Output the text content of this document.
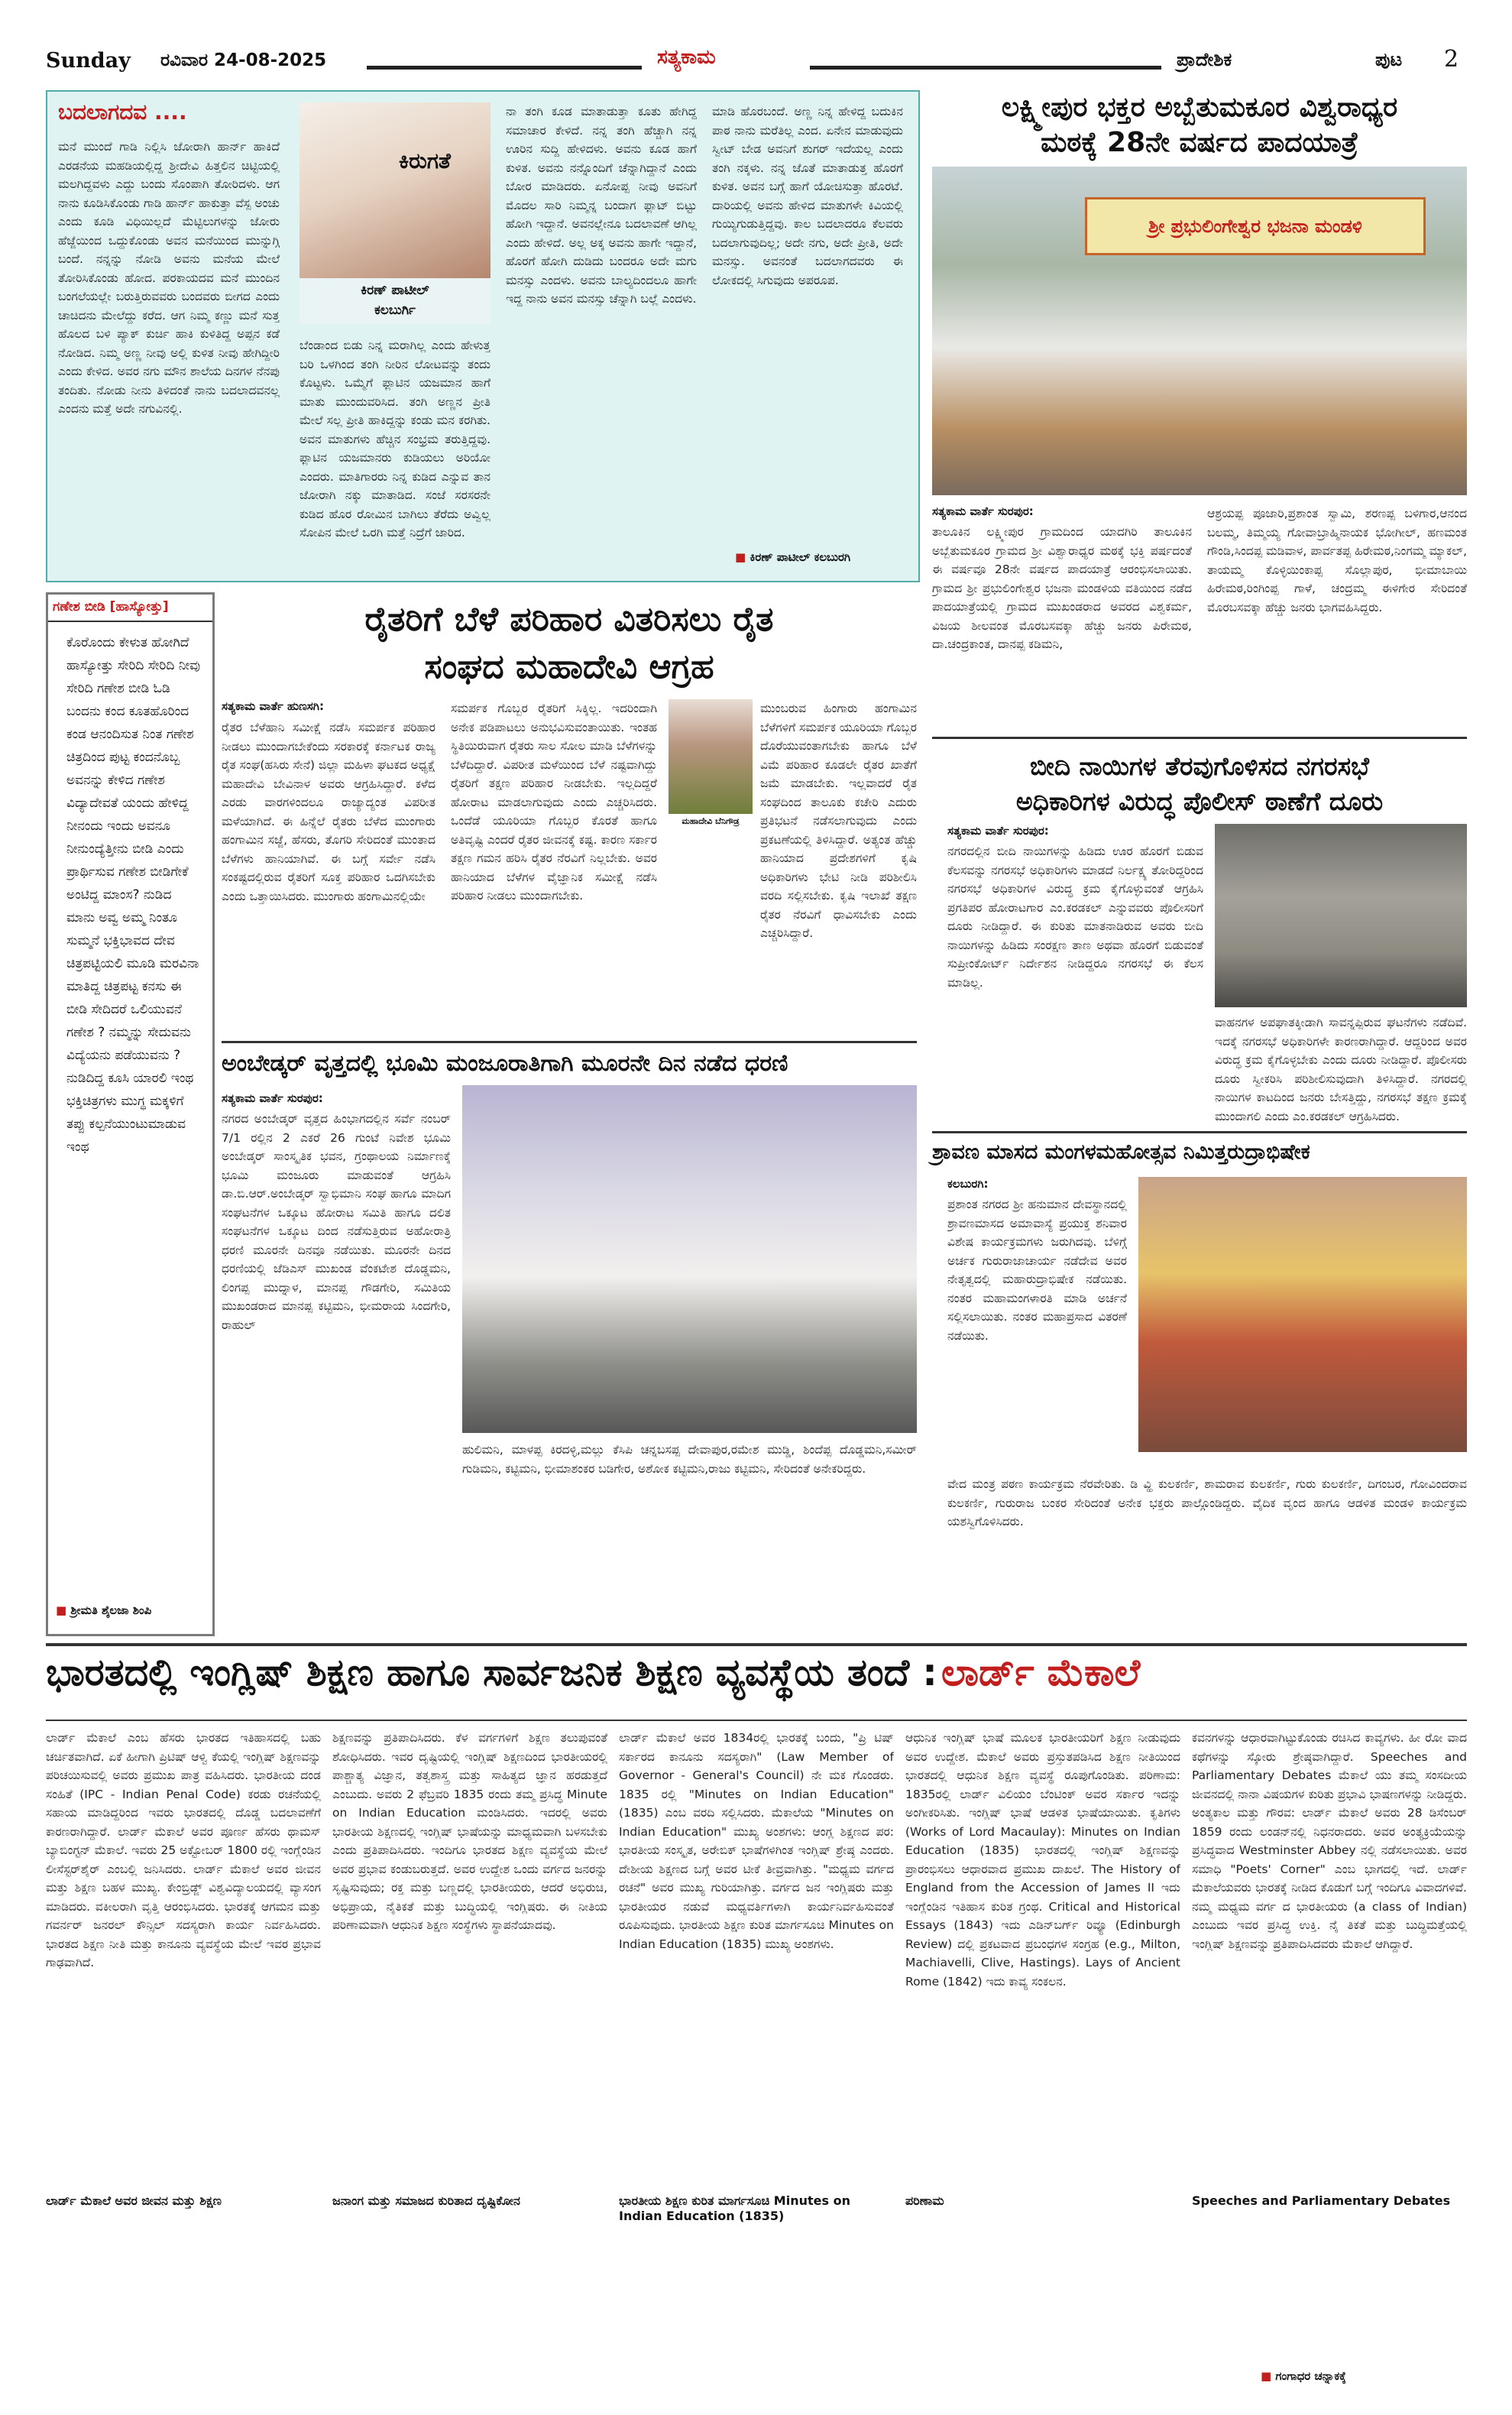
Sunday ರವಿವಾರ 24-08-2025	ಸತ್ಯಕಾಮ	ಪ್ರಾದೇಶಿಕ	ಪುಟ 2
ಬದಲಾಗದವ ....
ಮನೆ ಮುಂದೆ ಗಾಡಿ ನಿಲ್ಲಿಸಿ ಜೋರಾಗಿ ಹಾರ್ನ್ ಹಾಕಿದೆ ಎರಡನೆಯ ಮಹಡಿಯಲ್ಲಿದ್ದ ಶ್ರೀದೇವಿ ಹಿತ್ತಲಿನ ಚಿಟ್ಟಿಯಲ್ಲಿ ಮಲಗಿದ್ದವಳು ಎದ್ದು ಬಂದು ಸೊಂಪಾಗಿ ತೋರಿದಳು. ಆಗ ನಾನು ಕೂಡಿಸಿಕೊಂಡು ಗಾಡಿ ಹಾರ್ನ್ ಹಾಕುತ್ತಾ ವೆಸ್ಪ ಅಂಚು ಎಂದು ಕೂಡಿ ವಿಧಿಯಿಲ್ಲದೆ ಮೆಟ್ಟಿಲುಗಳನ್ನು ಜೋರು ಹೆಜ್ಜೆಯಿಂದ ಒದ್ದುಕೊಂಡು ಅವನ ಮನೆಯಿಂದ ಮುನ್ನುಗ್ಗಿ ಬಂದೆ. ನನ್ನನ್ನು ನೋಡಿ ಅವನು ಮನೆಯ ಮೇಲೆ ತೋರಿಸಿಕೊಂಡು ಹೋದ. ಪರಕಾಯದವ ಮನೆ ಮುಂದಿನ ಬಂಗಲೆಯಲ್ಲೇ ಬರುತ್ತಿರುವವರು ಬಂದವರು ಬೀಗದ ಎಂದು ಚಾಚಿದನು ಮೇಲೆದ್ದು ಕರೆದ. ಆಗ ನಿಮ್ಮ ಕಣ್ಣು ಮನೆ ಸುತ್ತ ಹೊಲದ ಬಳಿ ಪ್ಯಾಕ್ ಕುರ್ಚಿ ಹಾಕಿ ಕುಳಿತಿದ್ದ ಅಪ್ಪನ ಕಡೆ ನೋಡಿದ. ನಿಮ್ಮ ಅಣ್ಣ ನೀವು ಅಲ್ಲಿ ಕುಳಿತ ನೀವು ಹೇಗಿದ್ದೀರಿ ಎಂದು ಕೇಳಿದ. ಅವರ ನಗು ಮೌನ ಶಾಲೆಯ ದಿನಗಳ ನೆನಪು ತಂದಿತು. ನೋಡು ನೀನು ತಿಳಿದಂತೆ ನಾನು ಬದಲಾದವನಲ್ಲ ಎಂದನು ಮತ್ತೆ ಅದೇ ನಗುವಿನಲ್ಲಿ.
ಕಿರುಗತೆ
ಕಿರಣ್ ಪಾಟೀಲ್
ಕಲಬುರ್ಗಿ
ಬೆಂಡಾಂದ ಬಿಡು ನಿನ್ನ ಮರಾಗಿಲ್ಲ ಎಂದು ಹೇಳುತ್ತ ಬರಿ ಒಳಗಿಂದ ತಂಗಿ ನೀರಿನ ಲೋಟವನ್ನು ತಂದು ಕೊಟ್ಟಳು. ಒಮ್ಮೆಗೆ ಫ್ಲಾಟಿನ ಯಜಮಾನ ಹಾಗೆ ಮಾತು ಮುಂದುವರಿಸಿದ. ತಂಗಿ ಅಣ್ಣನ ಪ್ರೀತಿ ಮೇಲೆ ಸಲ್ಲ ಪ್ರೀತಿ ಹಾಕಿದ್ದನ್ನು ಕಂಡು ಮನ ಕರಗಿತು. ಅವನ ಮಾತುಗಳು ಹೆಚ್ಚಿನ ಸಂಭ್ರಮ ತರುತ್ತಿದ್ದವು. ಫ್ಲಾಟಿನ ಯಜಮಾನರು ಕುಡಿಯಲು ಅರಿಯೋ ಎಂದರು. ಮಾತಿಗಾರರು ನಿನ್ನ ಕುಡಿದ ಎನ್ನುವ ತಾನ ಜೋರಾಗಿ ನಕ್ಕು ಮಾತಾಡಿದ. ಸಂಜೆ ಸರಸರನೇ ಕುಡಿದ ಹೊರ ರೋಮಿನ ಬಾಗಿಲು ತೆರೆದು ಅವ್ವಿಲ್ಲ ಸೋಪಿನ ಮೇಲೆ ಒರಗಿ ಮತ್ತೆ ನಿದ್ರೆಗೆ ಜಾರಿದ.
ನಾ ತಂಗಿ ಕೂಡ ಮಾತಾಡುತ್ತಾ ಕೂತು ಹೇಗಿದ್ದ ಸಮಾಚಾರ ಕೇಳಿದೆ. ನನ್ನ ತಂಗಿ ಹೆಚ್ಚಾಗಿ ನನ್ನ ಊರಿನ ಸುದ್ದಿ ಹೇಳಿದಳು. ಅವನು ಕೂಡ ಹಾಗೆ ಕುಳಿತ. ಅವನು ನನ್ನೊಂದಿಗೆ ಚೆನ್ನಾಗಿದ್ದಾನೆ ಎಂದು ಬೋರ ಮಾಡಿದರು. ಏನೋಪ್ಪ ನೀವು ಅವನಿಗೆ ಮೊದಲ ಸಾರಿ ನಿಮ್ಮನ್ನ ಬಂದಾಗ ಫ್ಲಾಟ್ ಬಿಟ್ಟು ಹೋಗಿ ಇದ್ದಾನೆ. ಅವನಲ್ಲೇನೂ ಬದಲಾವಣೆ ಆಗಿಲ್ಲ ಎಂದು ಹೇಳಿದೆ. ಅಲ್ಲ ಅಕ್ಕ ಅವನು ಹಾಗೇ ಇದ್ದಾನೆ, ಹೊರಗೆ ಹೋಗಿ ದುಡಿದು ಬಂದರೂ ಅದೇ ಮಗು ಮನಸ್ಸು ಎಂದಳು. ಅವನು ಬಾಲ್ಯದಿಂದಲೂ ಹಾಗೇ ಇದ್ದ ನಾನು ಅವನ ಮನಸ್ಸು ಚೆನ್ನಾಗಿ ಬಲ್ಲೆ ಎಂದಳು.
ಮಾಡಿ ಹೊರಬಂದೆ. ಅಣ್ಣ ನಿನ್ನ ಹೇಳಿದ್ದ ಬದುಕಿನ ಪಾಠ ನಾನು ಮರೆತಿಲ್ಲ ಎಂದ. ಏನೇನ ಮಾಡುವುದು ಸ್ವೀಟ್ ಬೇಡ ಅವನಿಗೆ ಶುಗರ್ ಇದೆಯಲ್ಲ ಎಂದು ತಂಗಿ ನಕ್ಕಳು. ನನ್ನ ಜೊತೆ ಮಾತಾಡುತ್ತ ಹೊರಗೆ ಕುಳಿತ. ಅವನ ಬಗ್ಗೆ ಹಾಗೆ ಯೋಚಿಸುತ್ತಾ ಹೊರಟೆ. ದಾರಿಯಲ್ಲಿ ಅವನು ಹೇಳಿದ ಮಾತುಗಳೇ ಕಿವಿಯಲ್ಲಿ ಗುಯ್ಯಿಗುಡುತ್ತಿದ್ದವು. ಕಾಲ ಬದಲಾದರೂ ಕೆಲವರು ಬದಲಾಗುವುದಿಲ್ಲ; ಅದೇ ನಗು, ಅದೇ ಪ್ರೀತಿ, ಅದೇ ಮನಸ್ಸು. ಅವನಂತೆ ಬದಲಾಗದವರು ಈ ಲೋಕದಲ್ಲಿ ಸಿಗುವುದು ಅಪರೂಪ.
■ ಕಿರಣ್ ಪಾಟೀಲ್ ಕಲಬುರಗಿ
ಲಕ್ಷ್ಮೀಪುರ ಭಕ್ತರ ಅಬ್ಬೆತುಮಕೂರ ವಿಶ್ವರಾಧ್ಯರ
ಮಠಕ್ಕೆ 28ನೇ ವರ್ಷದ ಪಾದಯಾತ್ರೆ
ಶ್ರೀ ಪ್ರಭುಲಿಂಗೇಶ್ವರ ಭಜನಾ ಮಂಡಳಿ
ಸತ್ಯಕಾಮ ವಾರ್ತೆ ಸುರಪುರ:
ತಾಲೂಕಿನ ಲಕ್ಷ್ಮೀಪುರ ಗ್ರಾಮದಿಂದ ಯಾದಗಿರಿ ತಾಲೂಕಿನ ಅಬ್ಬೆತುಮಕೂರ ಗ್ರಾಮದ ಶ್ರೀ ವಿಶ್ವಾರಾಧ್ಯರ ಮಠಕ್ಕೆ ಭಕ್ತಿ ಪರ್ಷದಂತೆ ಈ ವರ್ಷವೂ 28ನೇ ವರ್ಷದ ಪಾದಯಾತ್ರೆ ಆರಂಭಿಸಲಾಯಿತು. ಗ್ರಾಮದ ಶ್ರೀ ಪ್ರಭುಲಿಂಗೇಶ್ವರ ಭಜನಾ ಮಂಡಳಿಯ ವತಿಯಿಂದ ನಡೆದ ಪಾದಯಾತ್ರೆಯಲ್ಲಿ ಗ್ರಾಮದ ಮುಖಂಡರಾದ ಅವರದ ವಿಶ್ವಕರ್ಮ, ವಿಜಯ ಶೀಲವಂತ ಮೊರಬಸವಕ್ಕಾ ಹೆಚ್ಚು ಜನರು ಪಿರೇಮಠ, ದಾ.ಚಂದ್ರಕಾಂತ, ದಾನಪ್ಪ ಕಡಿಮನಿ,
ಆಶ್ರಯಪ್ಪ ಪೂಜಾರಿ,ಪ್ರಶಾಂತ ಸ್ವಾಮಿ, ಶರಣಪ್ಪ ಬಳಿಗಾರ,ಆನಂದ ಬಲಮ್ಮ, ತಿಮ್ಮಯ್ಯ ಗೋವಾಬ್ರಾಹ್ಮಿನಾಯಕ ಭೋಗೀಲ್, ಹಣಮಂತ ಗೌಂಡಿ,ಸಿಂದಪ್ಪ ಮಡಿವಾಳ, ಪಾರ್ವತಪ್ಪ ಹಿರೇಮಠ,ನಿಂಗಮ್ಮ ಮ್ಯಾಕಲ್, ತಾಯಮ್ಮ ಕೊಳ್ಳಿಯಿಂಕಾಪ್ಪ ಸೊಲ್ಲಾಪುರ, ಭೀಮಾಬಾಯಿ ಹಿರೇಮಠ,ರಿಂಗಿಂಪ್ಪ ಗಾಳೆ, ಚಂದ್ರಮ್ಮ ಈಳಿಗೇರ ಸೇರಿದಂತೆ ಮೊರಬಸವಕ್ಕಾ ಹೆಚ್ಚು ಜನರು ಭಾಗವಹಿಸಿದ್ದರು.
ಗಣೇಶ ಬೀಡಿ [ಹಾಸ್ಯೋತ್ತು]
ಕೊರೊಂದು ಕೇಳುತ ಹೋಗಿದೆ ಹಾಸ್ಯೋತ್ತು ಸೇರಿದಿ ಸೇರಿದಿ ನೀವು ಸೇರಿದಿ ಗಣೇಶ ಬೀಡಿ ಓಡಿ ಬಂದನು ಕಂದ ಕೂತಹೊರಿಂದ ಕಂಡ ಆನಂದಿಸುತ ನಿಂತ ಗಣೇಶ ಚಿತ್ರದಿಂದ ಪುಟ್ಟ ಕಂದನೊಬ್ಬ ಅವನನ್ನು ಕೇಳಿದ ಗಣೇಶ ವಿದ್ಯಾದೇವತೆ ಯಂದು ಹೇಳಿದ್ದ ನೀನಂದು ಇಂದು ಅವನೂ ನೀನುಂದ್ಯೆತ್ತೀನು ಬೀಡಿ ಎಂದು ಪ್ರಾರ್ಥಿಸುವ ಗಣೇಶ ಬೀಡಿಗೇಕೆ ಅಂಟಿದ್ದ ಮಾಂಸ? ನುಡಿದ ಮಾನು ಅವ್ವ ಅಮ್ಮ ನಿಂತೂ ಸುಮ್ಮನೆ ಭಕ್ತಿಭಾವದ ದೇವ ಚಿತ್ರಪಟ್ಟಿಯಲಿ ಮೂಡಿ ಮರವಿನಾ ಮಾತಿದ್ದ ಚಿತ್ರಪಟ್ಟ ಕನಸು ಈ ಬೀಡಿ ಸೇದಿದರೆ ಒಲಿಯುವನೆ ಗಣೇಶ ? ನಮ್ಮನ್ನು ಸೇದುವನು ವಿದ್ಯೆಯನು ಪಡೆಯುವನು ? ನುಡಿದಿದ್ದ ಕೂಸಿ ಯಾರಲಿ ಇಂಥ ಭಕ್ತಿಚಿತ್ರಗಳು ಮುಗ್ಧ ಮಕ್ಕಳಿಗೆ ತಪ್ಪು ಕಲ್ಪನೆಯುಂಟುಮಾಡುವ ಇಂಥ
■ ಶ್ರೀಮತಿ ಶೈಲಜಾ ಶಿಂಪಿ
ರೈತರಿಗೆ ಬೆಳೆ ಪರಿಹಾರ ವಿತರಿಸಲು ರೈತ
ಸಂಘದ ಮಹಾದೇವಿ ಆಗ್ರಹ
ಸತ್ಯಕಾಮ ವಾರ್ತೆ ಹುಣಸಗಿ:
ರೈತರ ಬೆಳೆಹಾನಿ ಸಮೀಕ್ಷೆ ನಡೆಸಿ ಸಮರ್ಪಕ ಪರಿಹಾರ ನೀಡಲು ಮುಂದಾಗಬೇಕೆಂದು ಸರಕಾರಕ್ಕೆ ಕರ್ನಾಟಕ ರಾಜ್ಯ ರೈತ ಸಂಘ(ಹಸಿರು ಸೇನೆ) ಜಿಲ್ಲಾ ಮಹಿಳಾ ಘಟಕದ ಅಧ್ಯಕ್ಷೆ ಮಹಾದೇವಿ ಬೇವಿನಾಳ ಅವರು ಆಗ್ರಹಿಸಿದ್ದಾರೆ. ಕಳೆದ ಎರಡು ವಾರಗಳಿಂದಲೂ ರಾಜ್ಯಾದ್ಯಂತ ವಿಪರೀತ ಮಳೆಯಾಗಿದೆ. ಈ ಹಿನ್ನೆಲೆ ರೈತರು ಬೆಳೆದ ಮುಂಗಾರು ಹಂಗಾಮಿನ ಸಜ್ಜೆ, ಹೆಸರು, ತೊಗರಿ ಸೇರಿದಂತೆ ಮುಂತಾದ ಬೆಳೆಗಳು ಹಾನಿಯಾಗಿವೆ. ಈ ಬಗ್ಗೆ ಸರ್ವೇ ನಡೆಸಿ ಸಂಕಷ್ಟದಲ್ಲಿರುವ ರೈತರಿಗೆ ಸೂಕ್ತ ಪರಿಹಾರ ಒದಗಿಸಬೇಕು ಎಂದು ಒತ್ತಾಯಿಸಿದರು. ಮುಂಗಾರು ಹಂಗಾಮಿನಲ್ಲಿಯೇ
ಸಮರ್ಪಕ ಗೊಬ್ಬರ ರೈತರಿಗೆ ಸಿಕ್ಕಿಲ್ಲ. ಇದರಿಂದಾಗಿ ಅನೇಕ ಪಡಿಪಾಟಲು ಅನುಭವಿಸುವಂತಾಯಿತು. ಇಂತಹ ಸ್ಥಿತಿಯಿರುವಾಗ ರೈತರು ಸಾಲ ಸೋಲ ಮಾಡಿ ಬೆಳೆಗಳನ್ನು ಬೆಳೆದಿದ್ದಾರೆ. ವಿಪರೀತ ಮಳೆಯಿಂದ ಬೆಳೆ ನಷ್ಟವಾಗಿದ್ದು ರೈತರಿಗೆ ತಕ್ಷಣ ಪರಿಹಾರ ನೀಡಬೇಕು. ಇಲ್ಲದಿದ್ದರೆ ಹೋರಾಟ ಮಾಡಲಾಗುವುದು ಎಂದು ಎಚ್ಚರಿಸಿದರು. ಒಂದೆಡೆ ಯೂರಿಯಾ ಗೊಬ್ಬರ ಕೊರತೆ ಹಾಗೂ ಅತಿವೃಷ್ಟಿ ಎಂದರೆ ರೈತರ ಜೀವನಕ್ಕೆ ಕಷ್ಟ. ಕಾರಣ ಸರ್ಕಾರ ತಕ್ಷಣ ಗಮನ ಹರಿಸಿ ರೈತರ ನೆರವಿಗೆ ನಿಲ್ಲಬೇಕು. ಅವರ ಹಾನಿಯಾದ ಬೆಳೆಗಳ ವೈಜ್ಞಾನಿಕ ಸಮೀಕ್ಷೆ ನಡೆಸಿ ಪರಿಹಾರ ನೀಡಲು ಮುಂದಾಗಬೇಕು.
ಮಹಾದೇವಿ ಬೆನಿಗೌಡ್ರ
ಮುಂಬರುವ ಹಿಂಗಾರು ಹಂಗಾಮಿನ ಬೆಳೆಗಳಿಗೆ ಸಮರ್ಪಕ ಯೂರಿಯಾ ಗೊಬ್ಬರ ದೊರೆಯುವಂತಾಗಬೇಕು ಹಾಗೂ ಬೆಳೆ ವಿಮೆ ಪರಿಹಾರ ಕೂಡಲೇ ರೈತರ ಖಾತೆಗೆ ಜಮೆ ಮಾಡಬೇಕು. ಇಲ್ಲವಾದರೆ ರೈತ ಸಂಘದಿಂದ ತಾಲೂಕು ಕಚೇರಿ ಎದುರು ಪ್ರತಿಭಟನೆ ನಡೆಸಲಾಗುವುದು ಎಂದು ಪ್ರಕಟಣೆಯಲ್ಲಿ ತಿಳಿಸಿದ್ದಾರೆ. ಅತ್ಯಂತ ಹೆಚ್ಚು ಹಾನಿಯಾದ ಪ್ರದೇಶಗಳಿಗೆ ಕೃಷಿ ಅಧಿಕಾರಿಗಳು ಭೇಟಿ ನೀಡಿ ಪರಿಶೀಲಿಸಿ ವರದಿ ಸಲ್ಲಿಸಬೇಕು. ಕೃಷಿ ಇಲಾಖೆ ತಕ್ಷಣ ರೈತರ ನೆರವಿಗೆ ಧಾವಿಸಬೇಕು ಎಂದು ಎಚ್ಚರಿಸಿದ್ದಾರೆ.
ಅಂಬೇಡ್ಕರ್ ವೃತ್ತದಲ್ಲಿ ಭೂಮಿ ಮಂಜೂರಾತಿಗಾಗಿ ಮೂರನೇ ದಿನ ನಡೆದ ಧರಣಿ
ಸತ್ಯಕಾಮ ವಾರ್ತೆ ಸುರಪುರ:
ನಗರದ ಅಂಬೇಡ್ಕರ್ ವೃತ್ತದ ಹಿಂಭಾಗದಲ್ಲಿನ ಸರ್ವೆ ನಂಬರ್ 7/1 ರಲ್ಲಿನ 2 ಎಕರೆ 26 ಗುಂಟೆ ನಿವೇಶ ಭೂಮಿ ಅಂಬೇಡ್ಕರ್ ಸಾಂಸ್ಕೃತಿಕ ಭವನ, ಗ್ರಂಥಾಲಯ ನಿರ್ಮಾಣಕ್ಕೆ ಭೂಮಿ ಮಂಜೂರು ಮಾಡುವಂತೆ ಆಗ್ರಹಿಸಿ ಡಾ.ಬಿ.ಆರ್.ಅಂಬೇಡ್ಕರ್ ಸ್ವಾಭಿಮಾನಿ ಸಂಘ ಹಾಗೂ ಮಾದಿಗ ಸಂಘಟನೆಗಳ ಒಕ್ಕೂಟ ಹೋರಾಟ ಸಮಿತಿ ಹಾಗೂ ದಲಿತ ಸಂಘಟನೆಗಳ ಒಕ್ಕೂಟ ದಿಂದ ನಡೆಸುತ್ತಿರುವ ಅಹೋರಾತ್ರಿ ಧರಣಿ ಮೂರನೇ ದಿನವೂ ನಡೆಯಿತು. ಮೂರನೇ ದಿನದ ಧರಣಿಯಲ್ಲಿ ಜೆಡಿಎಸ್ ಮುಖಂಡ ವೆಂಕಟೇಶ ದೊಡ್ಡಮನಿ, ಲಿಂಗಪ್ಪ ಮುದ್ನಾಳ, ಮಾನಪ್ಪ ಗೌಡಗೇರಿ, ಸಮಿತಿಯ ಮುಖಂಡರಾದ ಮಾನಪ್ಪ ಕಟ್ಟಿಮನಿ, ಭೀಮರಾಯ ಸಿಂದಗೇರಿ, ರಾಹುಲ್
ಹುಲಿಮನಿ, ಮಾಳಪ್ಪ ಕಿರದಳ್ಳಿ,ಮಲ್ಲು ಕೆಸಿಪಿ ಚನ್ನಬಸಪ್ಪ ದೇವಾಪುರ,ರಮೇಶ ಮುಡ್ಡಿ, ಶಿಂದೆಪ್ಪ ದೊಡ್ಡಮನಿ,ಸಮೀರ್ ಗುಡಿಮನಿ, ಕಟ್ಟಿಮನಿ, ಭೀಮಾಶಂಕರ ಬಡಿಗೇರ, ಅಶೋಕ ಕಟ್ಟಿಮನಿ,ರಾಜು ಕಟ್ಟಿಮನಿ, ಸೇರಿದಂತೆ ಅನೇಕರಿದ್ದರು.
ಬೀದಿ ನಾಯಿಗಳ ತೆರವುಗೊಳಿಸದ ನಗರಸಭೆ
ಅಧಿಕಾರಿಗಳ ವಿರುದ್ಧ ಪೊಲೀಸ್ ಠಾಣೆಗೆ ದೂರು
ಸತ್ಯಕಾಮ ವಾರ್ತೆ ಸುರಪುರ:
ನಗರದಲ್ಲಿನ ಬೀದಿ ನಾಯಿಗಳನ್ನು ಹಿಡಿದು ಊರ ಹೊರಗೆ ಬಿಡುವ ಕೆಲಸವನ್ನು ನಗರಸಭೆ ಅಧಿಕಾರಿಗಳು ಮಾಡದೆ ನಿರ್ಲಕ್ಷ್ಯ ತೋರಿದ್ದರಿಂದ ನಗರಸಭೆ ಅಧಿಕಾರಿಗಳ ವಿರುದ್ಧ ಕ್ರಮ ಕೈಗೊಳ್ಳುವಂತೆ ಆಗ್ರಹಿಸಿ ಪ್ರಗತಿಪರ ಹೋರಾಟಗಾರ ಎಂ.ಕರಡಕಲ್ ಎನ್ನುವವರು ಪೊಲೀಸರಿಗೆ ದೂರು ನೀಡಿದ್ದಾರೆ. ಈ ಕುರಿತು ಮಾತನಾಡಿರುವ ಅವರು ಬೀದಿ ನಾಯಿಗಳನ್ನು ಹಿಡಿದು ಸಂರಕ್ಷಣ ತಾಣ ಅಥವಾ ಹೊರಗೆ ಬಿಡುವಂತೆ ಸುಪ್ರೀಂಕೋರ್ಟ್ ನಿರ್ದೇಶನ ನೀಡಿದ್ದರೂ ನಗರಸಭೆ ಈ ಕೆಲಸ ಮಾಡಿಲ್ಲ.
ವಾಹನಗಳ ಅಪಘಾತಕ್ಕೀಡಾಗಿ ಸಾವನ್ನಪ್ಪಿರುವ ಘಟನೆಗಳು ನಡೆದಿವೆ. ಇದಕ್ಕೆ ನಗರಸಭೆ ಅಧಿಕಾರಿಗಳೇ ಕಾರಣರಾಗಿದ್ದಾರೆ. ಆದ್ದರಿಂದ ಅವರ ವಿರುದ್ಧ ಕ್ರಮ ಕೈಗೊಳ್ಳಬೇಕು ಎಂದು ದೂರು ನೀಡಿದ್ದಾರೆ. ಪೊಲೀಸರು ದೂರು ಸ್ವೀಕರಿಸಿ ಪರಿಶೀಲಿಸುವುದಾಗಿ ತಿಳಿಸಿದ್ದಾರೆ. ನಗರದಲ್ಲಿ ನಾಯಿಗಳ ಕಾಟದಿಂದ ಜನರು ಬೇಸತ್ತಿದ್ದು, ನಗರಸಭೆ ತಕ್ಷಣ ಕ್ರಮಕ್ಕೆ ಮುಂದಾಗಲಿ ಎಂದು ಎಂ.ಕರಡಕಲ್ ಆಗ್ರಹಿಸಿದರು.
ಶ್ರಾವಣ ಮಾಸದ ಮಂಗಳಮಹೋತ್ಸವ ನಿಮಿತ್ತರುದ್ರಾಭಿಷೇಕ
ಕಲಬುರಗಿ:
ಪ್ರಶಾಂತ ನಗರದ ಶ್ರೀ ಹನುಮಾನ ದೇವಸ್ಥಾನದಲ್ಲಿ ಶ್ರಾವಣಮಾಸದ ಅಮಾವಾಸ್ಯೆ ಪ್ರಯುಕ್ತ ಶನಿವಾರ ವಿಶೇಷ ಕಾರ್ಯಕ್ರಮಗಳು ಜರುಗಿದವು. ಬೆಳಿಗ್ಗೆ ಅರ್ಚಕ ಗುರುರಾಜಾಚಾರ್ಯ ನಡೆದೇವ ಅವರ ನೇತೃತ್ವದಲ್ಲಿ ಮಹಾರುದ್ರಾಭಿಷೇಕ ನಡೆಯಿತು. ನಂತರ ಮಹಾಮಂಗಳಾರತಿ ಮಾಡಿ ಅರ್ಚನೆ ಸಲ್ಲಿಸಲಾಯಿತು. ನಂತರ ಮಹಾಪ್ರಸಾದ ವಿತರಣೆ ನಡೆಯಿತು.
ವೇದ ಮಂತ್ರ ಪಠಣ ಕಾರ್ಯಕ್ರಮ ನೆರವೇರಿತು. ಡಿ ವ್ಹಿ ಕುಲಕರ್ಣಿ, ಶಾಮರಾವ ಕುಲಕರ್ಣಿ, ಗುರು ಕುಲಕರ್ಣಿ, ದಿಗಂಬರ, ಗೋವಿಂದರಾವ ಕುಲಕರ್ಣಿ, ಗುರುರಾಜ ಬಂಕರ ಸೇರಿದಂತೆ ಅನೇಕ ಭಕ್ತರು ಪಾಲ್ಗೊಂಡಿದ್ದರು. ವೈದಿಕ ವೃಂದ ಹಾಗೂ ಆಡಳಿತ ಮಂಡಳಿ ಕಾರ್ಯಕ್ರಮ ಯಶಸ್ವಿಗೊಳಿಸಿದರು.
ಭಾರತದಲ್ಲಿ ಇಂಗ್ಲಿಷ್ ಶಿಕ್ಷಣ ಹಾಗೂ ಸಾರ್ವಜನಿಕ ಶಿಕ್ಷಣ ವ್ಯವಸ್ಥೆಯ ತಂದೆ : ಲಾರ್ಡ್ ಮೆಕಾಲೆ
ಲಾರ್ಡ್ ಮೆಕಾಲೆ ಎಂಬ ಹೆಸರು ಭಾರತದ ಇತಿಹಾಸದಲ್ಲಿ ಬಹು ಚರ್ಚಿತವಾಗಿದೆ. ಏಕೆ ಹೀಗಾಗಿ ಪ್ರಿಟಿಷ್ ಆಳ್ವಿ ಕೆಯಲ್ಲಿ ಇಂಗ್ಲಿಷ್ ಶಿಕ್ಷಣವನ್ನು ಪರಿಚಯಿಸುವಲ್ಲಿ ಅವರು ಪ್ರಮುಖ ಪಾತ್ರ ವಹಿಸಿದರು. ಭಾರತೀಯ ದಂಡ ಸಂಹಿತೆ (IPC - Indian Penal Code) ಕರಡು ರಚನೆಯಲ್ಲಿ ಸಹಾಯ ಮಾಡಿದ್ದರಿಂದ ಇವರು ಭಾರತದಲ್ಲಿ ದೊಡ್ಡ ಬದಲಾವಣೆಗೆ ಕಾರಣರಾಗಿದ್ದಾರೆ. ಲಾರ್ಡ್ ಮೆಕಾಲೆ ಅವರ ಪೂರ್ಣ ಹೆಸರು ಥಾಮಸ್ ಬ್ಯಾಬಿಂಗ್ಟನ್ ಮೆಕಾಲೆ. ಇವರು 25 ಅಕ್ಟೋಬರ್ 1800 ರಲ್ಲಿ ಇಂಗ್ಲೆಂಡಿನ ಲೀಸೆಸ್ಟರ್‌ಶೈರ್ ಎಂಬಲ್ಲಿ ಜನಿಸಿದರು. ಲಾರ್ಡ್ ಮೆಕಾಲೆ ಅವರ ಜೀವನ ಮತ್ತು ಶಿಕ್ಷಣ ಬಹಳ ಮುಖ್ಯ. ಕೇಂಬ್ರಿಡ್ಜ್ ವಿಶ್ವವಿದ್ಯಾಲಯದಲ್ಲಿ ವ್ಯಾಸಂಗ ಮಾಡಿದರು. ವಕೀಲರಾಗಿ ವೃತ್ತಿ ಆರಂಭಿಸಿದರು. ಭಾರತಕ್ಕೆ ಆಗಮನ ಮತ್ತು ಗವರ್ನರ್ ಜನರಲ್ ಕೌನ್ಸಿಲ್ ಸದಸ್ಯರಾಗಿ ಕಾರ್ಯ ನಿರ್ವಹಿಸಿದರು. ಭಾರತದ ಶಿಕ್ಷಣ ನೀತಿ ಮತ್ತು ಕಾನೂನು ವ್ಯವಸ್ಥೆಯ ಮೇಲೆ ಇವರ ಪ್ರಭಾವ ಗಾಢವಾಗಿದೆ.
ಲಾರ್ಡ್ ಮೆಕಾಲೆ ಅವರ ಜೀವನ ಮತ್ತು ಶಿಕ್ಷಣ
ಶಿಕ್ಷಣವನ್ನು ಪ್ರತಿಪಾದಿಸಿದರು. ಕೆಳ ವರ್ಗಗಳಿಗೆ ಶಿಕ್ಷಣ ತಲುಪುವಂತೆ ಶೋಧಿಸಿದರು. ಇವರ ದೃಷ್ಟಿಯಲ್ಲಿ ಇಂಗ್ಲಿಷ್ ಶಿಕ್ಷಣದಿಂದ ಭಾರತೀಯರಲ್ಲಿ ಪಾಶ್ಚಾತ್ಯ ವಿಜ್ಞಾನ, ತತ್ವಶಾಸ್ತ್ರ ಮತ್ತು ಸಾಹಿತ್ಯದ ಜ್ಞಾನ ಹರಡುತ್ತದೆ ಎಂಬುದು. ಅವರು 2 ಫೆಬ್ರವರಿ 1835 ರಂದು ತಮ್ಮ ಪ್ರಸಿದ್ಧ Minute on Indian Education ಮಂಡಿಸಿದರು. ಇದರಲ್ಲಿ ಅವರು ಭಾರತೀಯ ಶಿಕ್ಷಣದಲ್ಲಿ ಇಂಗ್ಲಿಷ್ ಭಾಷೆಯನ್ನು ಮಾಧ್ಯಮವಾಗಿ ಬಳಸಬೇಕು ಎಂದು ಪ್ರತಿಪಾದಿಸಿದರು. ಇಂದಿಗೂ ಭಾರತದ ಶಿಕ್ಷಣ ವ್ಯವಸ್ಥೆಯ ಮೇಲೆ ಅವರ ಪ್ರಭಾವ ಕಂಡುಬರುತ್ತದೆ. ಅವರ ಉದ್ದೇಶ ಒಂದು ವರ್ಗದ ಜನರನ್ನು ಸೃಷ್ಟಿಸುವುದು; ರಕ್ತ ಮತ್ತು ಬಣ್ಣದಲ್ಲಿ ಭಾರತೀಯರು, ಆದರೆ ಅಭಿರುಚಿ, ಅಭಿಪ್ರಾಯ, ನೈತಿಕತೆ ಮತ್ತು ಬುದ್ಧಿಯಲ್ಲಿ ಇಂಗ್ಲಿಷರು. ಈ ನೀತಿಯ ಪರಿಣಾಮವಾಗಿ ಆಧುನಿಕ ಶಿಕ್ಷಣ ಸಂಸ್ಥೆಗಳು ಸ್ಥಾಪನೆಯಾದವು.
ಜನಾಂಗ ಮತ್ತು ಸಮಾಜದ ಕುರಿತಾದ ದೃಷ್ಟಿಕೋನ
ಲಾರ್ಡ್ ಮೆಕಾಲೆ ಅವರ 1834ರಲ್ಲಿ ಭಾರತಕ್ಕೆ ಬಂದು, "ಪ್ರಿ ಟಿಷ್ ಸರ್ಕಾರದ ಕಾನೂನು ಸದಸ್ಯರಾಗಿ" (Law Member of Governor - General's Council) ನೇ ಮಕ ಗೊಂಡರು. 1835 ರಲ್ಲಿ "Minutes on Indian Education" (1835) ಎಂಬ ವರದಿ ಸಲ್ಲಿಸಿದರು. ಮೆಕಾಲೆಯ "Minutes on Indian Education" ಮುಖ್ಯ ಅಂಶಗಳು: ಆಂಗ್ಲ ಶಿಕ್ಷಣದ ಪರ: ಭಾರತೀಯ ಸಂಸ್ಕೃತ, ಅರೇಬಿಕ್ ಭಾಷೆಗಳಿಗಿಂತ ಇಂಗ್ಲಿಷ್ ಶ್ರೇಷ್ಠ ಎಂದರು. ದೇಶೀಯ ಶಿಕ್ಷಣದ ಬಗ್ಗೆ ಅವರ ಟೀಕೆ ತೀವ್ರವಾಗಿತ್ತು. "ಮಧ್ಯಮ ವರ್ಗದ ರಚನೆ" ಅವರ ಮುಖ್ಯ ಗುರಿಯಾಗಿತ್ತು. ವರ್ಗದ ಜನ ಇಂಗ್ಲಿಷರು ಮತ್ತು ಭಾರತೀಯರ ನಡುವೆ ಮಧ್ಯವರ್ತಿಗಳಾಗಿ ಕಾರ್ಯನಿರ್ವಹಿಸುವಂತೆ ರೂಪಿಸುವುದು. ಭಾರತೀಯ ಶಿಕ್ಷಣ ಕುರಿತ ಮಾರ್ಗಸೂಚಿ Minutes on Indian Education (1835) ಮುಖ್ಯ ಅಂಶಗಳು.
ಭಾರತೀಯ ಶಿಕ್ಷಣ ಕುರಿತ ಮಾರ್ಗಸೂಚಿ Minutes on Indian Education (1835)
ಆಧುನಿಕ ಇಂಗ್ಲಿಷ್ ಭಾಷೆ ಮೂಲಕ ಭಾರತೀಯರಿಗೆ ಶಿಕ್ಷಣ ನೀಡುವುದು ಅವರ ಉದ್ದೇಶ. ಮೆಕಾಲೆ ಅವರು ಪ್ರಸ್ತುತಪಡಿಸಿದ ಶಿಕ್ಷಣ ನೀತಿಯಿಂದ ಭಾರತದಲ್ಲಿ ಆಧುನಿಕ ಶಿಕ್ಷಣ ವ್ಯವಸ್ಥೆ ರೂಪುಗೊಂಡಿತು. ಪರಿಣಾಮ: 1835ರಲ್ಲಿ ಲಾರ್ಡ್ ವಿಲಿಯಂ ಬೆಂಟಿಂಕ್ ಅವರ ಸರ್ಕಾರ ಇದನ್ನು ಅಂಗೀಕರಿಸಿತು. ಇಂಗ್ಲಿಷ್ ಭಾಷೆ ಆಡಳಿತ ಭಾಷೆಯಾಯಿತು. ಕೃತಿಗಳು (Works of Lord Macaulay): Minutes on Indian Education (1835) ಭಾರತದಲ್ಲಿ ಇಂಗ್ಲಿಷ್ ಶಿಕ್ಷಣವನ್ನು ಪ್ರಾರಂಭಿಸಲು ಆಧಾರವಾದ ಪ್ರಮುಖ ದಾಖಲೆ. The History of England from the Accession of James II ಇದು ಇಂಗ್ಲೆಂಡಿನ ಇತಿಹಾಸ ಕುರಿತ ಗ್ರಂಥ. Critical and Historical Essays (1843) ಇದು ಎಡಿನ್‌ಬರ್ಗ್ ರಿವ್ಯೂ (Edinburgh Review) ದಲ್ಲಿ ಪ್ರಕಟವಾದ ಪ್ರಬಂಧಗಳ ಸಂಗ್ರಹ (e.g., Milton, Machiavelli, Clive, Hastings). Lays of Ancient Rome (1842) ಇದು ಕಾವ್ಯ ಸಂಕಲನ.
ಪರಿಣಾಮ
ಕವನಗಳನ್ನು ಆಧಾರವಾಗಿಟ್ಟುಕೊಂಡು ರಚಿಸಿದ ಕಾವ್ಯಗಳು. ಹೀ ರೋ ವಾದ ಕಥೆಗಳನ್ನು ಸ್ಕೋರು ಶ್ರೇಷ್ಠವಾಗಿದ್ದಾರೆ. Speeches and Parliamentary Debates ಮೆಕಾಲೆ ಯು ತಮ್ಮ ಸಂಸದೀಯ ಜೀವನದಲ್ಲಿ ನಾನಾ ವಿಷಯಗಳ ಕುರಿತು ಪ್ರಭಾವಿ ಭಾಷಣಗಳನ್ನು ನೀಡಿದ್ದರು. ಅಂತ್ಯಕಾಲ ಮತ್ತು ಗೌರವ: ಲಾರ್ಡ್ ಮೆಕಾಲೆ ಅವರು 28 ಡಿಸೆಂಬರ್ 1859 ರಂದು ಲಂಡನ್‌ನಲ್ಲಿ ನಿಧನರಾದರು. ಅವರ ಅಂತ್ಯಕ್ರಿಯೆಯನ್ನು ಪ್ರಸಿದ್ಧವಾದ Westminster Abbey ನಲ್ಲಿ ನಡೆಸಲಾಯಿತು. ಅವರ ಸಮಾಧಿ "Poets' Corner" ಎಂಬ ಭಾಗದಲ್ಲಿ ಇದೆ. ಲಾರ್ಡ್ ಮೆಕಾಲೆಯವರು ಭಾರತಕ್ಕೆ ನೀಡಿದ ಕೊಡುಗೆ ಬಗ್ಗೆ ಇಂದಿಗೂ ವಿವಾದಗಳಿವೆ. ನಮ್ಮ ಮಧ್ಯಮ ವರ್ಗ ದ ಭಾರತೀಯರು (a class of Indian) ಎಂಬುದು ಇವರ ಪ್ರಸಿದ್ಧ ಉಕ್ತಿ. ನೈ ತಿಕತೆ ಮತ್ತು ಬುದ್ಧಿಮತ್ತೆಯಲ್ಲಿ ಇಂಗ್ಲಿಷ್ ಶಿಕ್ಷಣವನ್ನು ಪ್ರತಿಪಾದಿಸಿದವರು ಮೆಕಾಲೆ ಆಗಿದ್ದಾರೆ.
Speeches and Parliamentary Debates
■ ಗಂಗಾಧರ ಚನ್ನಾಕಕ್ಕೆ
